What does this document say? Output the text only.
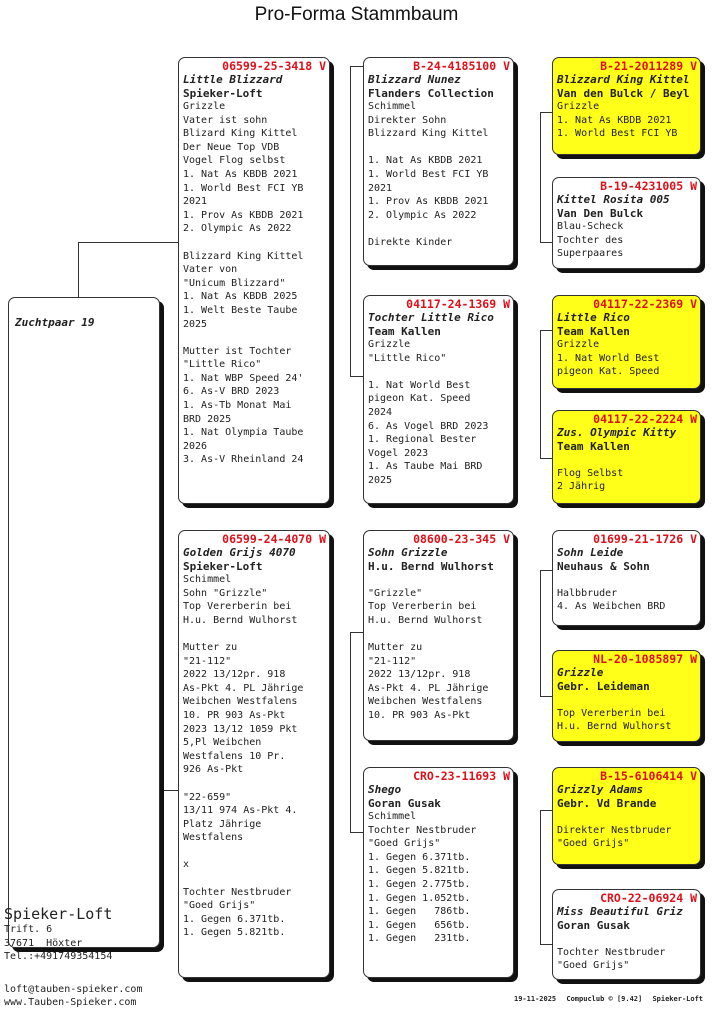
Pro-Forma Stammbaum
Zuchtpaar 19
06599-25-3418 V
Little Blizzard
Spieker-Loft
Grizzle
Vater ist sohn
Blizard King Kittel
Der Neue Top VDB
Vogel Flog selbst
1. Nat As KBDB 2021
1. World Best FCI YB
2021
1. Prov As KBDB 2021
2. Olympic As 2022

Blizzard King Kittel
Vater von
"Unicum Blizzard"
1. Nat As KBDB 2025
1. Welt Beste Taube
2025

Mutter ist Tochter
"Little Rico"
1. Nat WBP Speed 24'
6. As-V BRD 2023
1. As-Tb Monat Mai
BRD 2025
1. Nat Olympia Taube
2026
3. As-V Rheinland 24
06599-24-4070 W
Golden Grijs 4070
Spieker-Loft
Schimmel
Sohn "Grizzle"
Top Vererberin bei
H.u. Bernd Wulhorst

Mutter zu
"21-112"
2022 13/12pr. 918
As-Pkt 4. PL Jährige
Weibchen Westfalens
10. PR 903 As-Pkt
2023 13/12 1059 Pkt
5,Pl Weibchen
Westfalens 10 Pr.
926 As-Pkt

"22-659"
13/11 974 As-Pkt 4.
Platz Jährige
Westfalens

x

Tochter Nestbruder
"Goed Grijs"
1. Gegen 6.371tb.
1. Gegen 5.821tb.
B-24-4185100 V
Blizzard Nunez
Flanders Collection
Schimmel
Direkter Sohn
Blizzard King Kittel

1. Nat As KBDB 2021
1. World Best FCI YB
2021
1. Prov As KBDB 2021
2. Olympic As 2022

Direkte Kinder
04117-24-1369 W
Tochter Little Rico
Team Kallen
Grizzle
"Little Rico"

1. Nat World Best
pigeon Kat. Speed
2024
6. As Vogel BRD 2023
1. Regional Bester
Vogel 2023
1. As Taube Mai BRD
2025
08600-23-345 V
Sohn Grizzle
H.u. Bernd Wulhorst

"Grizzle"
Top Vererberin bei
H.u. Bernd Wulhorst

Mutter zu
"21-112"
2022 13/12pr. 918
As-Pkt 4. PL Jährige
Weibchen Westfalens
10. PR 903 As-Pkt
CRO-23-11693 W
Shego
Goran Gusak
Schimmel
Tochter Nestbruder
"Goed Grijs"
1. Gegen 6.371tb.
1. Gegen 5.821tb.
1. Gegen 2.775tb.
1. Gegen 1.052tb.
1. Gegen   786tb.
1. Gegen   656tb.
1. Gegen   231tb.
B-21-2011289 V
Blizzard King Kittel
Van den Bulck / Beyl
Grizzle
1. Nat As KBDB 2021
1. World Best FCI YB
B-19-4231005 W
Kittel Rosita 005
Van Den Bulck
Blau-Scheck
Tochter des
Superpaares
04117-22-2369 V
Little Rico
Team Kallen
Grizzle
1. Nat World Best
pigeon Kat. Speed
04117-22-2224 W
Zus. Olympic Kitty
Team Kallen

Flog Selbst
2 Jährig
01699-21-1726 V
Sohn Leide
Neuhaus & Sohn

Halbbruder
4. As Weibchen BRD
NL-20-1085897 W
Grizzle
Gebr. Leideman

Top Vererberin bei
H.u. Bernd Wulhorst
B-15-6106414 V
Grizzly Adams
Gebr. Vd Brande

Direkter Nestbruder
"Goed Grijs"
CRO-22-06924 W
Miss Beautiful Griz
Goran Gusak

Tochter Nestbruder
"Goed Grijs"
Spieker-Loft
Trift. 6
37671  Höxter
Tel.:+491749354154
loft@tauben-spieker.com
www.Tauben-Spieker.com	19-11-2025 Compuclub © [9.42] Spieker-Loft
